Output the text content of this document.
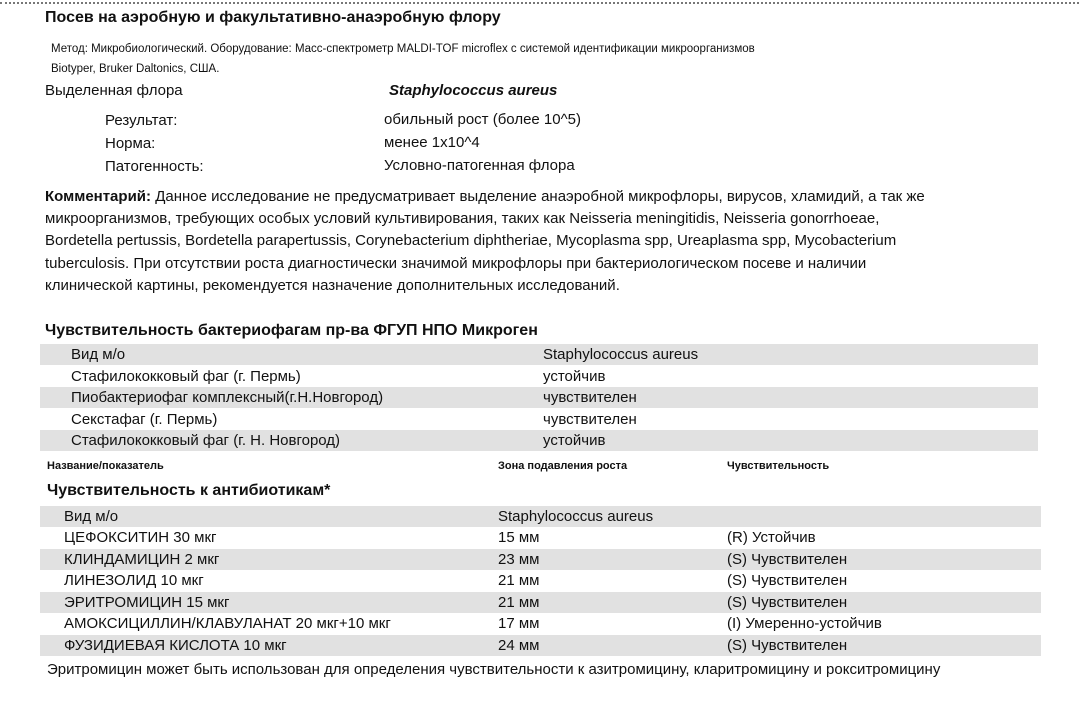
Посев на аэробную и факультативно-анаэробную флору
Метод: Микробиологический. Оборудование: Масс-спектрометр MALDI-TOF microflex с системой идентификации микроорганизмов
Biotyper, Bruker Daltonics, США.
Выделенная флора	Staphylococcus aureus
Результат:	обильный рост (более 10^5)
Норма:	менее 1x10^4
Патогенность:	Условно-патогенная флора
Комментарий: Данное исследование не предусматривает выделение анаэробной микрофлоры, вирусов, хламидий, а так же микроорганизмов, требующих особых условий культивирования, таких как Neisseria meningitidis, Neisseria gonorrhoeae, Bordetella pertussis, Bordetella parapertussis, Corynebacterium diphtheriae, Mycoplasma spp, Ureaplasma spp, Mycobacterium tuberculosis. При отсутствии роста диагностически значимой микрофлоры при бактериологическом посеве и наличии клинической картины, рекомендуется назначение дополнительных исследований.
Чувствительность бактериофагам пр-ва ФГУП НПО Микроген
Вид м/о	Staphylococcus aureus
Стафилококковый фаг (г. Пермь)	устойчив
Пиобактериофаг комплексный(г.Н.Новгород)	чувствителен
Секстафаг (г. Пермь)	чувствителен
Стафилококковый фаг (г. Н. Новгород)	устойчив
Название/показатель	Зона подавления роста	Чувствительность
Чувствительность к антибиотикам*
Вид м/о	Staphylococcus aureus
ЦЕФОКСИТИН 30 мкг	15 мм	(R) Устойчив
КЛИНДАМИЦИН 2 мкг	23 мм	(S) Чувствителен
ЛИНЕЗОЛИД 10 мкг	21 мм	(S) Чувствителен
ЭРИТРОМИЦИН 15 мкг	21 мм	(S) Чувствителен
АМОКСИЦИЛЛИН/КЛАВУЛАНАТ 20 мкг+10 мкг	17 мм	(I) Умеренно-устойчив
ФУЗИДИЕВАЯ КИСЛОТА 10 мкг	24 мм	(S) Чувствителен
Эритромицин может быть использован для определения чувствительности к азитромицину, кларитромицину и рокситромицину
